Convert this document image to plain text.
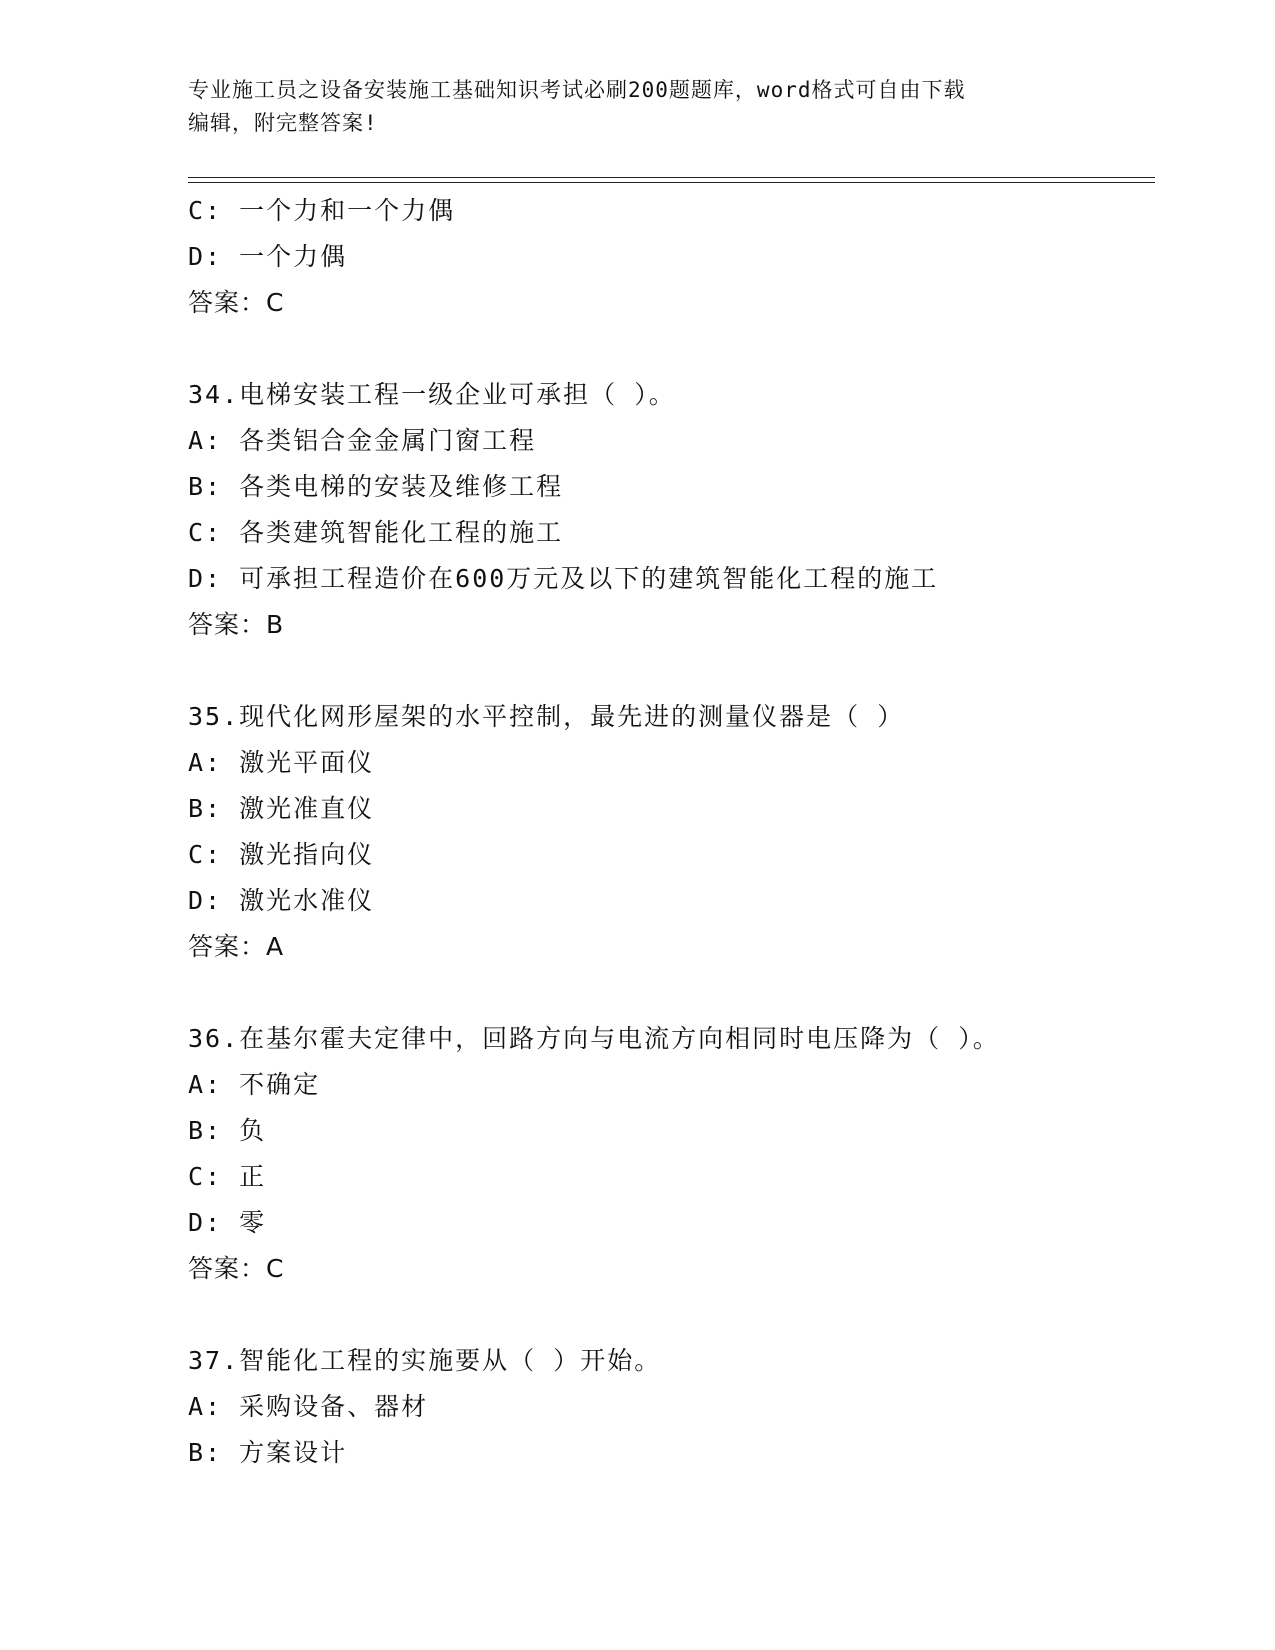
专业施工员之设备安装施工基础知识考试必刷200题题库，word格式可自由下载
编辑，附完整答案!
C: 一个力和一个力偶
D: 一个力偶
答案：C
34.电梯安装工程一级企业可承担（ ）。
A: 各类铝合金金属门窗工程
B: 各类电梯的安装及维修工程
C: 各类建筑智能化工程的施工
D: 可承担工程造价在600万元及以下的建筑智能化工程的施工
答案：B
35.现代化网形屋架的水平控制，最先进的测量仪器是（ ）
A: 激光平面仪
B: 激光准直仪
C: 激光指向仪
D: 激光水准仪
答案：A
36.在基尔霍夫定律中，回路方向与电流方向相同时电压降为（ ）。
A: 不确定
B: 负
C: 正
D: 零
答案：C
37.智能化工程的实施要从（ ）开始。
A: 采购设备、器材
B: 方案设计
